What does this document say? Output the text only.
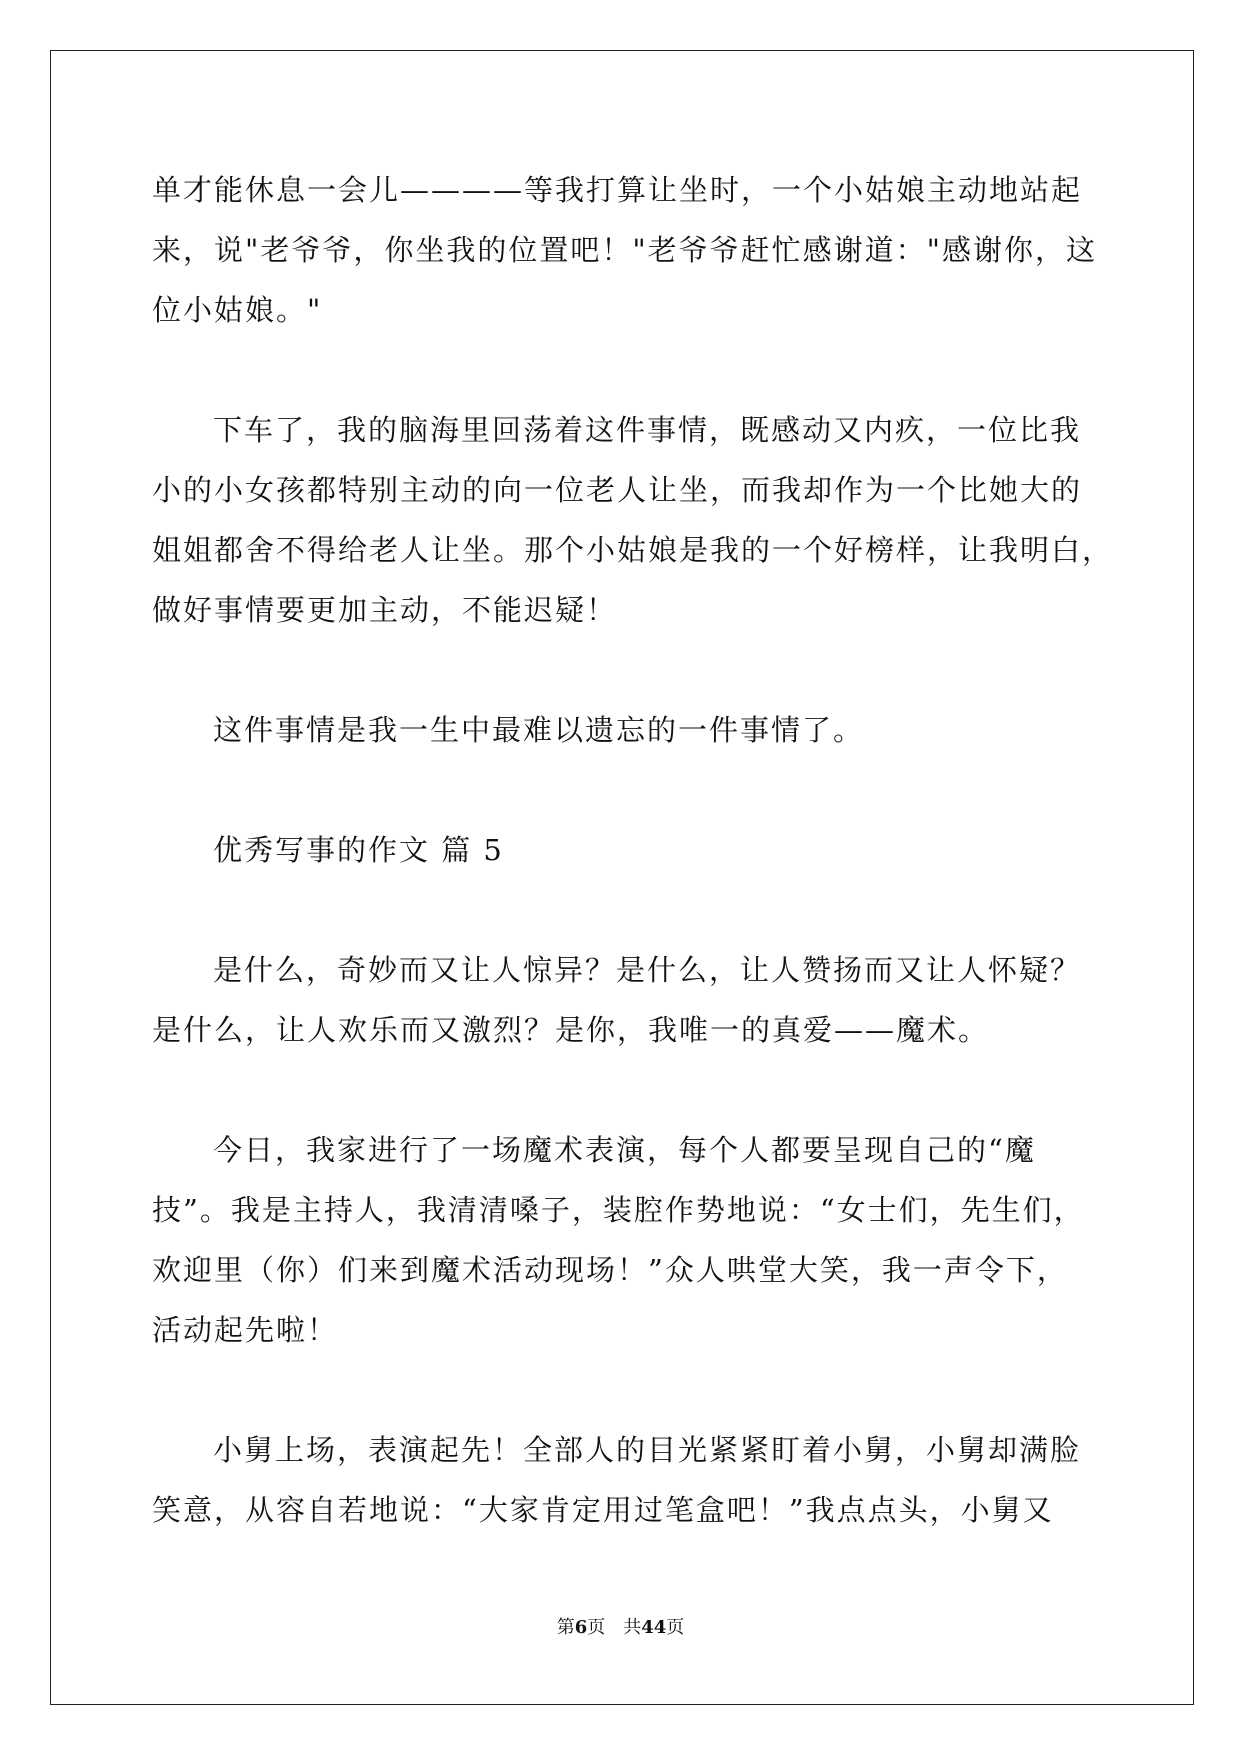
单才能休息一会儿————等我打算让坐时，一个小姑娘主动地站起
来，说"老爷爷，你坐我的位置吧！"老爷爷赶忙感谢道："感谢你，这
位小姑娘。"
下车了，我的脑海里回荡着这件事情，既感动又内疚，一位比我
小的小女孩都特别主动的向一位老人让坐，而我却作为一个比她大的
姐姐都舍不得给老人让坐。那个小姑娘是我的一个好榜样，让我明白，
做好事情要更加主动，不能迟疑！
这件事情是我一生中最难以遗忘的一件事情了。
优秀写事的作文 篇 5
是什么，奇妙而又让人惊异？是什么，让人赞扬而又让人怀疑？
是什么，让人欢乐而又激烈？是你，我唯一的真爱——魔术。
今日，我家进行了一场魔术表演，每个人都要呈现自己的“魔
技”。我是主持人，我清清嗓子，装腔作势地说：“女士们，先生们，
欢迎里（你）们来到魔术活动现场！”众人哄堂大笑，我一声令下，
活动起先啦！
小舅上场，表演起先！全部人的目光紧紧盯着小舅，小舅却满脸
笑意，从容自若地说：“大家肯定用过笔盒吧！”我点点头，小舅又
第6页 共44页
